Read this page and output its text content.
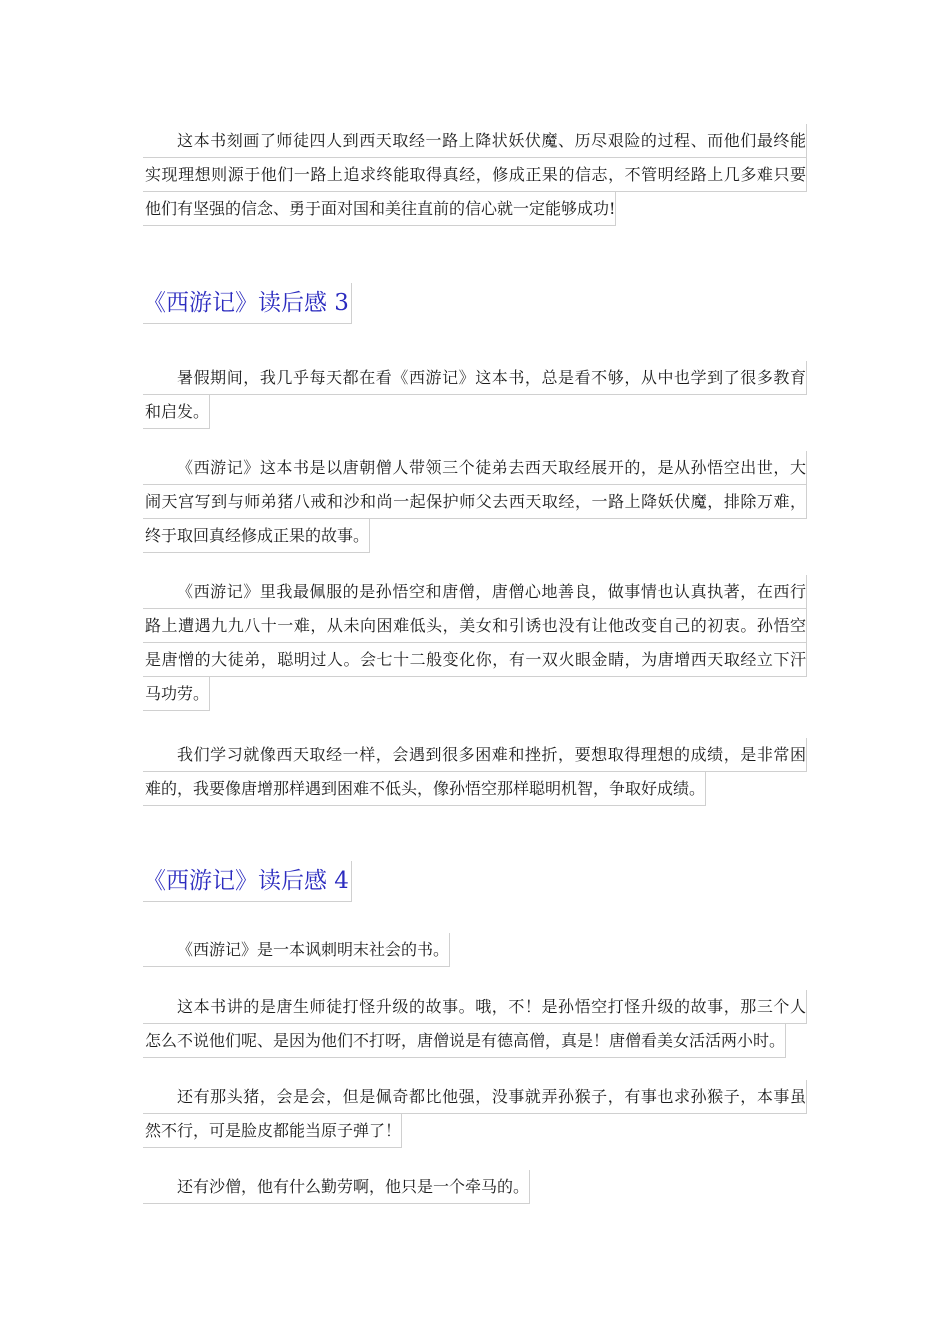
这本书刻画了师徒四人到西天取经一路上降状妖伏魔、历尽艰险的过程、而他们最终能
实现理想则源于他们一路上追求终能取得真经，修成正果的信志，不管明经路上几多难只要
他们有坚强的信念、勇于面对国和美往直前的信心就一定能够成功!
《西游记》读后感 3
暑假期间，我几乎每天都在看《西游记》这本书，总是看不够，从中也学到了很多教育
和启发。
《西游记》这本书是以唐朝僧人带领三个徒弟去西天取经展开的，是从孙悟空出世，大
闹天宫写到与师弟猪八戒和沙和尚一起保护师父去西天取经，一路上降妖伏魔，排除万难，
终于取回真经修成正果的故事。
《西游记》里我最佩服的是孙悟空和唐僧，唐僧心地善良，做事情也认真执著，在西行
路上遭遇九九八十一难，从未向困难低头，美女和引诱也没有让他改变自己的初衷。孙悟空
是唐憎的大徒弟，聪明过人。会七十二般变化你，有一双火眼金睛，为唐增西天取经立下汗
马功劳。
我们学习就像西天取经一样，会遇到很多困难和挫折，要想取得理想的成绩，是非常困
难的，我要像唐增那样遇到困难不低头，像孙悟空那样聪明机智，争取好成绩。
《西游记》读后感 4
《西游记》是一本讽刺明末社会的书。
这本书讲的是唐生师徒打怪升级的故事。哦，不！是孙悟空打怪升级的故事，那三个人
怎么不说他们呢、是因为他们不打呀，唐僧说是有德高僧，真是！唐僧看美女活活两小时。
还有那头猪，会是会，但是佩奇都比他强，没事就弄孙猴子，有事也求孙猴子，本事虽
然不行，可是脸皮都能当原子弹了！
还有沙僧，他有什么勤劳啊，他只是一个牵马的。
